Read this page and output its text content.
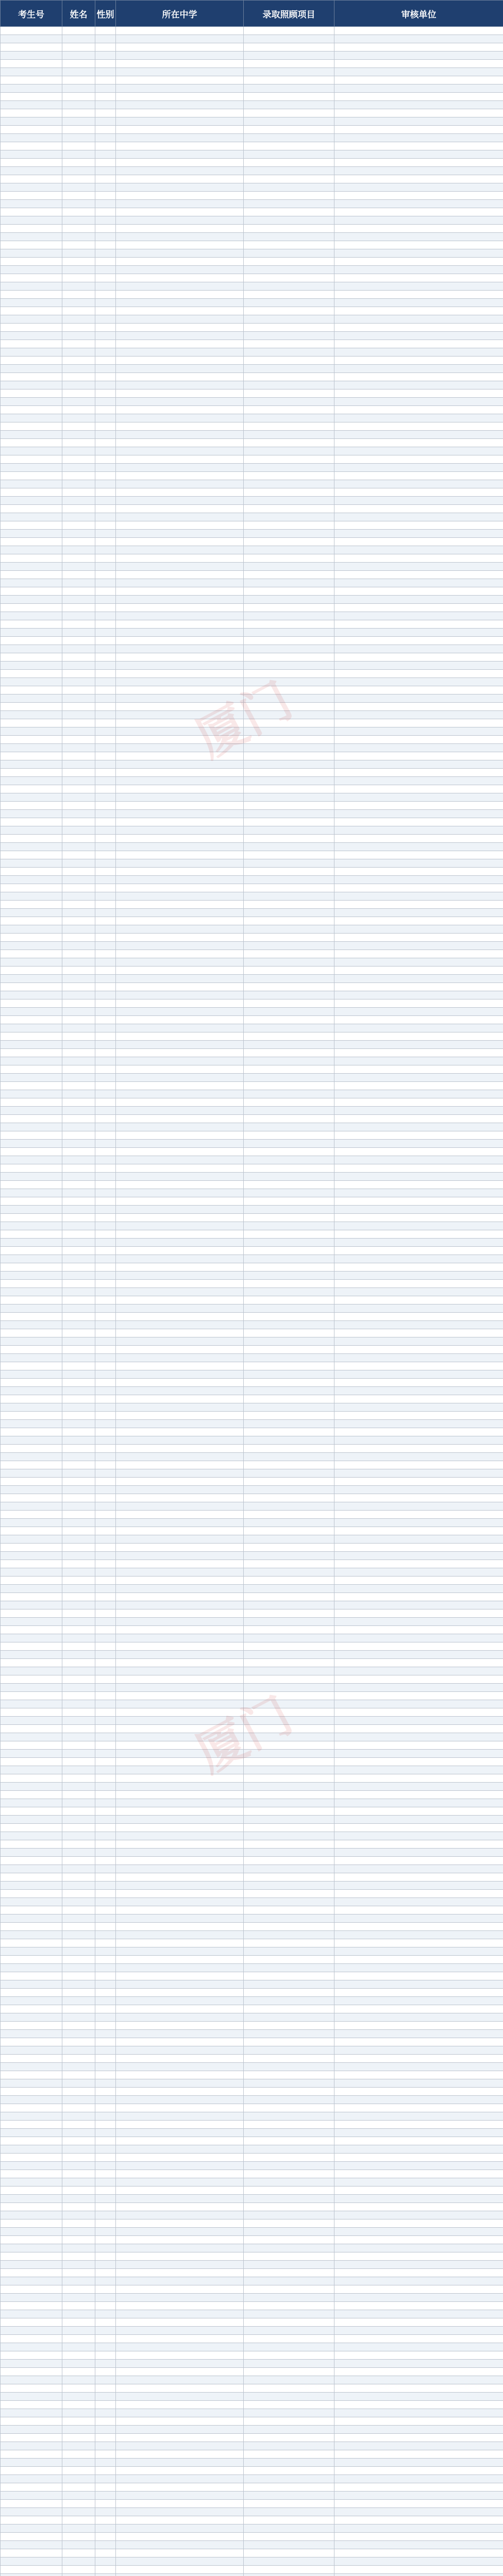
考生号	姓名	性别	所在中学	录取照顾项目	审核单位

厦门
